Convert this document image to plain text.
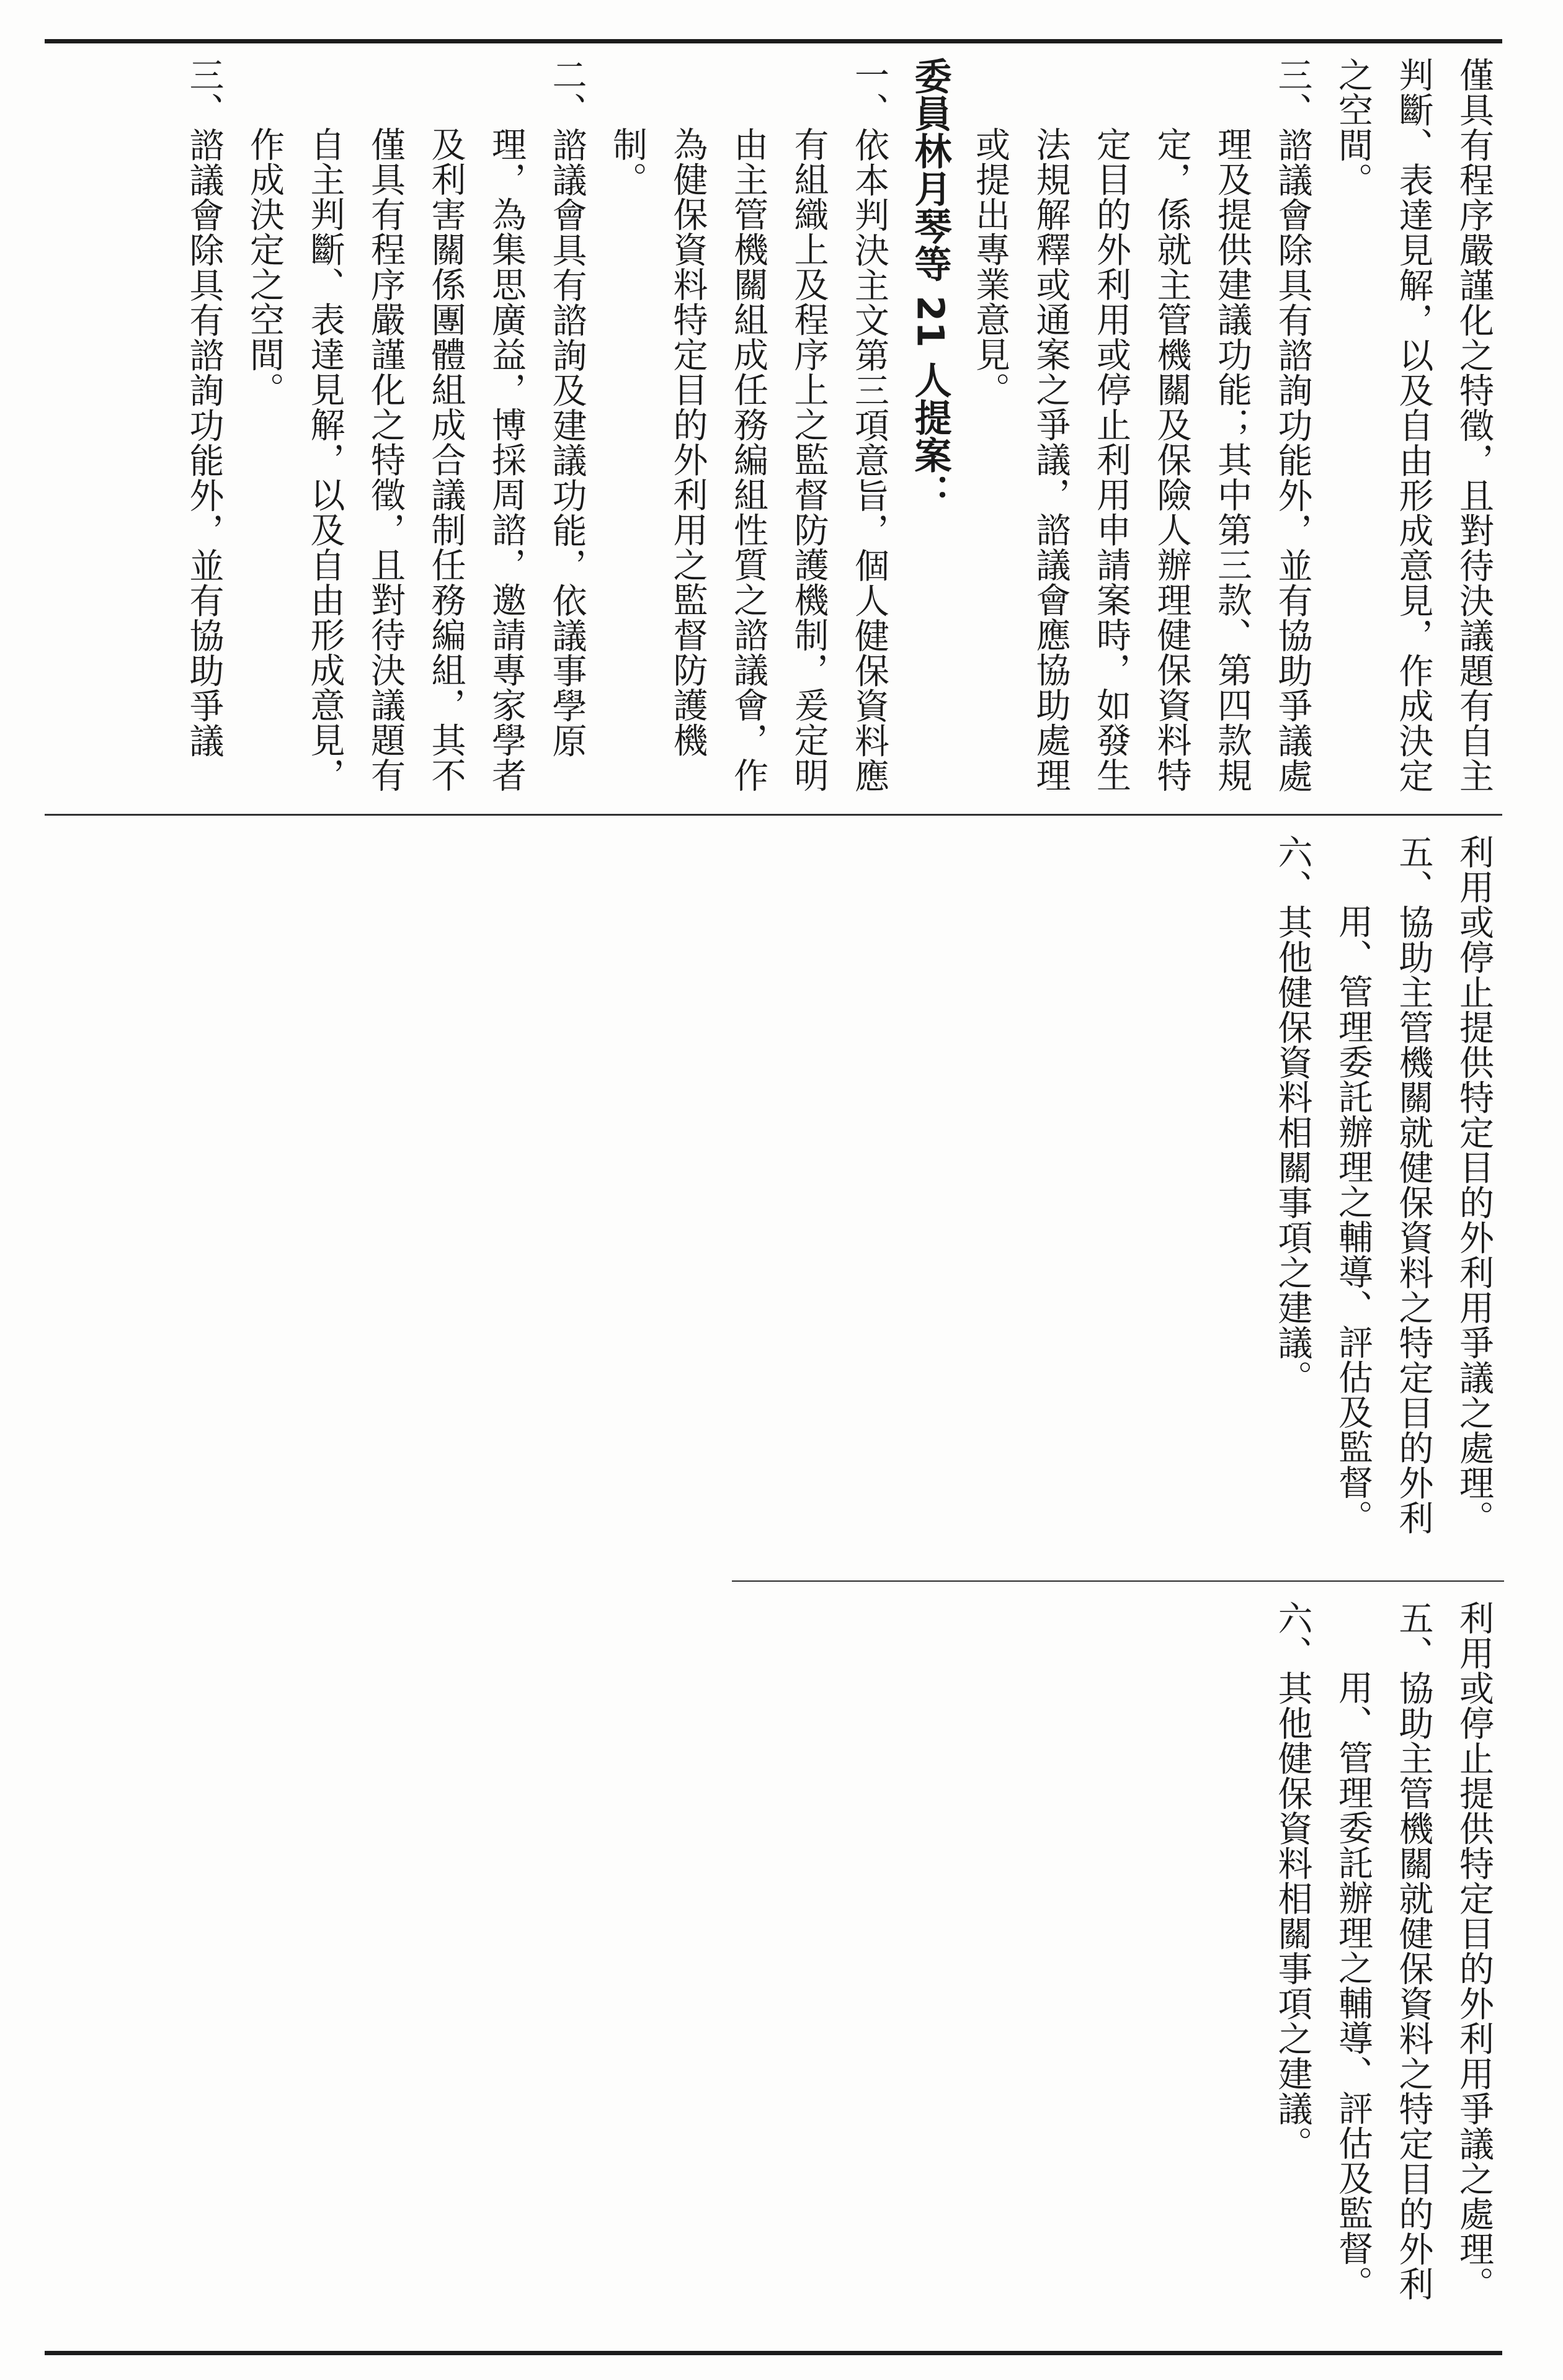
僅具有程序嚴謹化之特徵，且對待決議題有自主判斷、表達見解，以及自由形成意見，作成決定之空間。
三、諮議會除具有諮詢功能外，並有協助爭議處理及提供建議功能；其中第三款、第四款規定，係就主管機關及保險人辦理健保資料特定目的外利用或停止利用申請案時，如發生法規解釋或通案之爭議，諮議會應協助處理或提出專業意見。
委員林月琴等 21 人提案：
一、依本判決主文第三項意旨，個人健保資料應有組織上及程序上之監督防護機制，爰定明由主管機關組成任務編組性質之諮議會，作為健保資料特定目的外利用之監督防護機制。
二、諮議會具有諮詢及建議功能，依議事學原理，為集思廣益，博採周諮，邀請專家學者及利害關係團體組成合議制任務編組，其不僅具有程序嚴謹化之特徵，且對待決議題有自主判斷、表達見解，以及自由形成意見，作成決定之空間。
三、諮議會除具有諮詢功能外，並有協助爭議
利用或停止提供特定目的外利用爭議之處理。
五、協助主管機關就健保資料之特定目的外利用、管理委託辦理之輔導、評估及監督。
六、其他健保資料相關事項之建議。
利用或停止提供特定目的外利用爭議之處理。
五、協助主管機關就健保資料之特定目的外利用、管理委託辦理之輔導、評估及監督。
六、其他健保資料相關事項之建議。
